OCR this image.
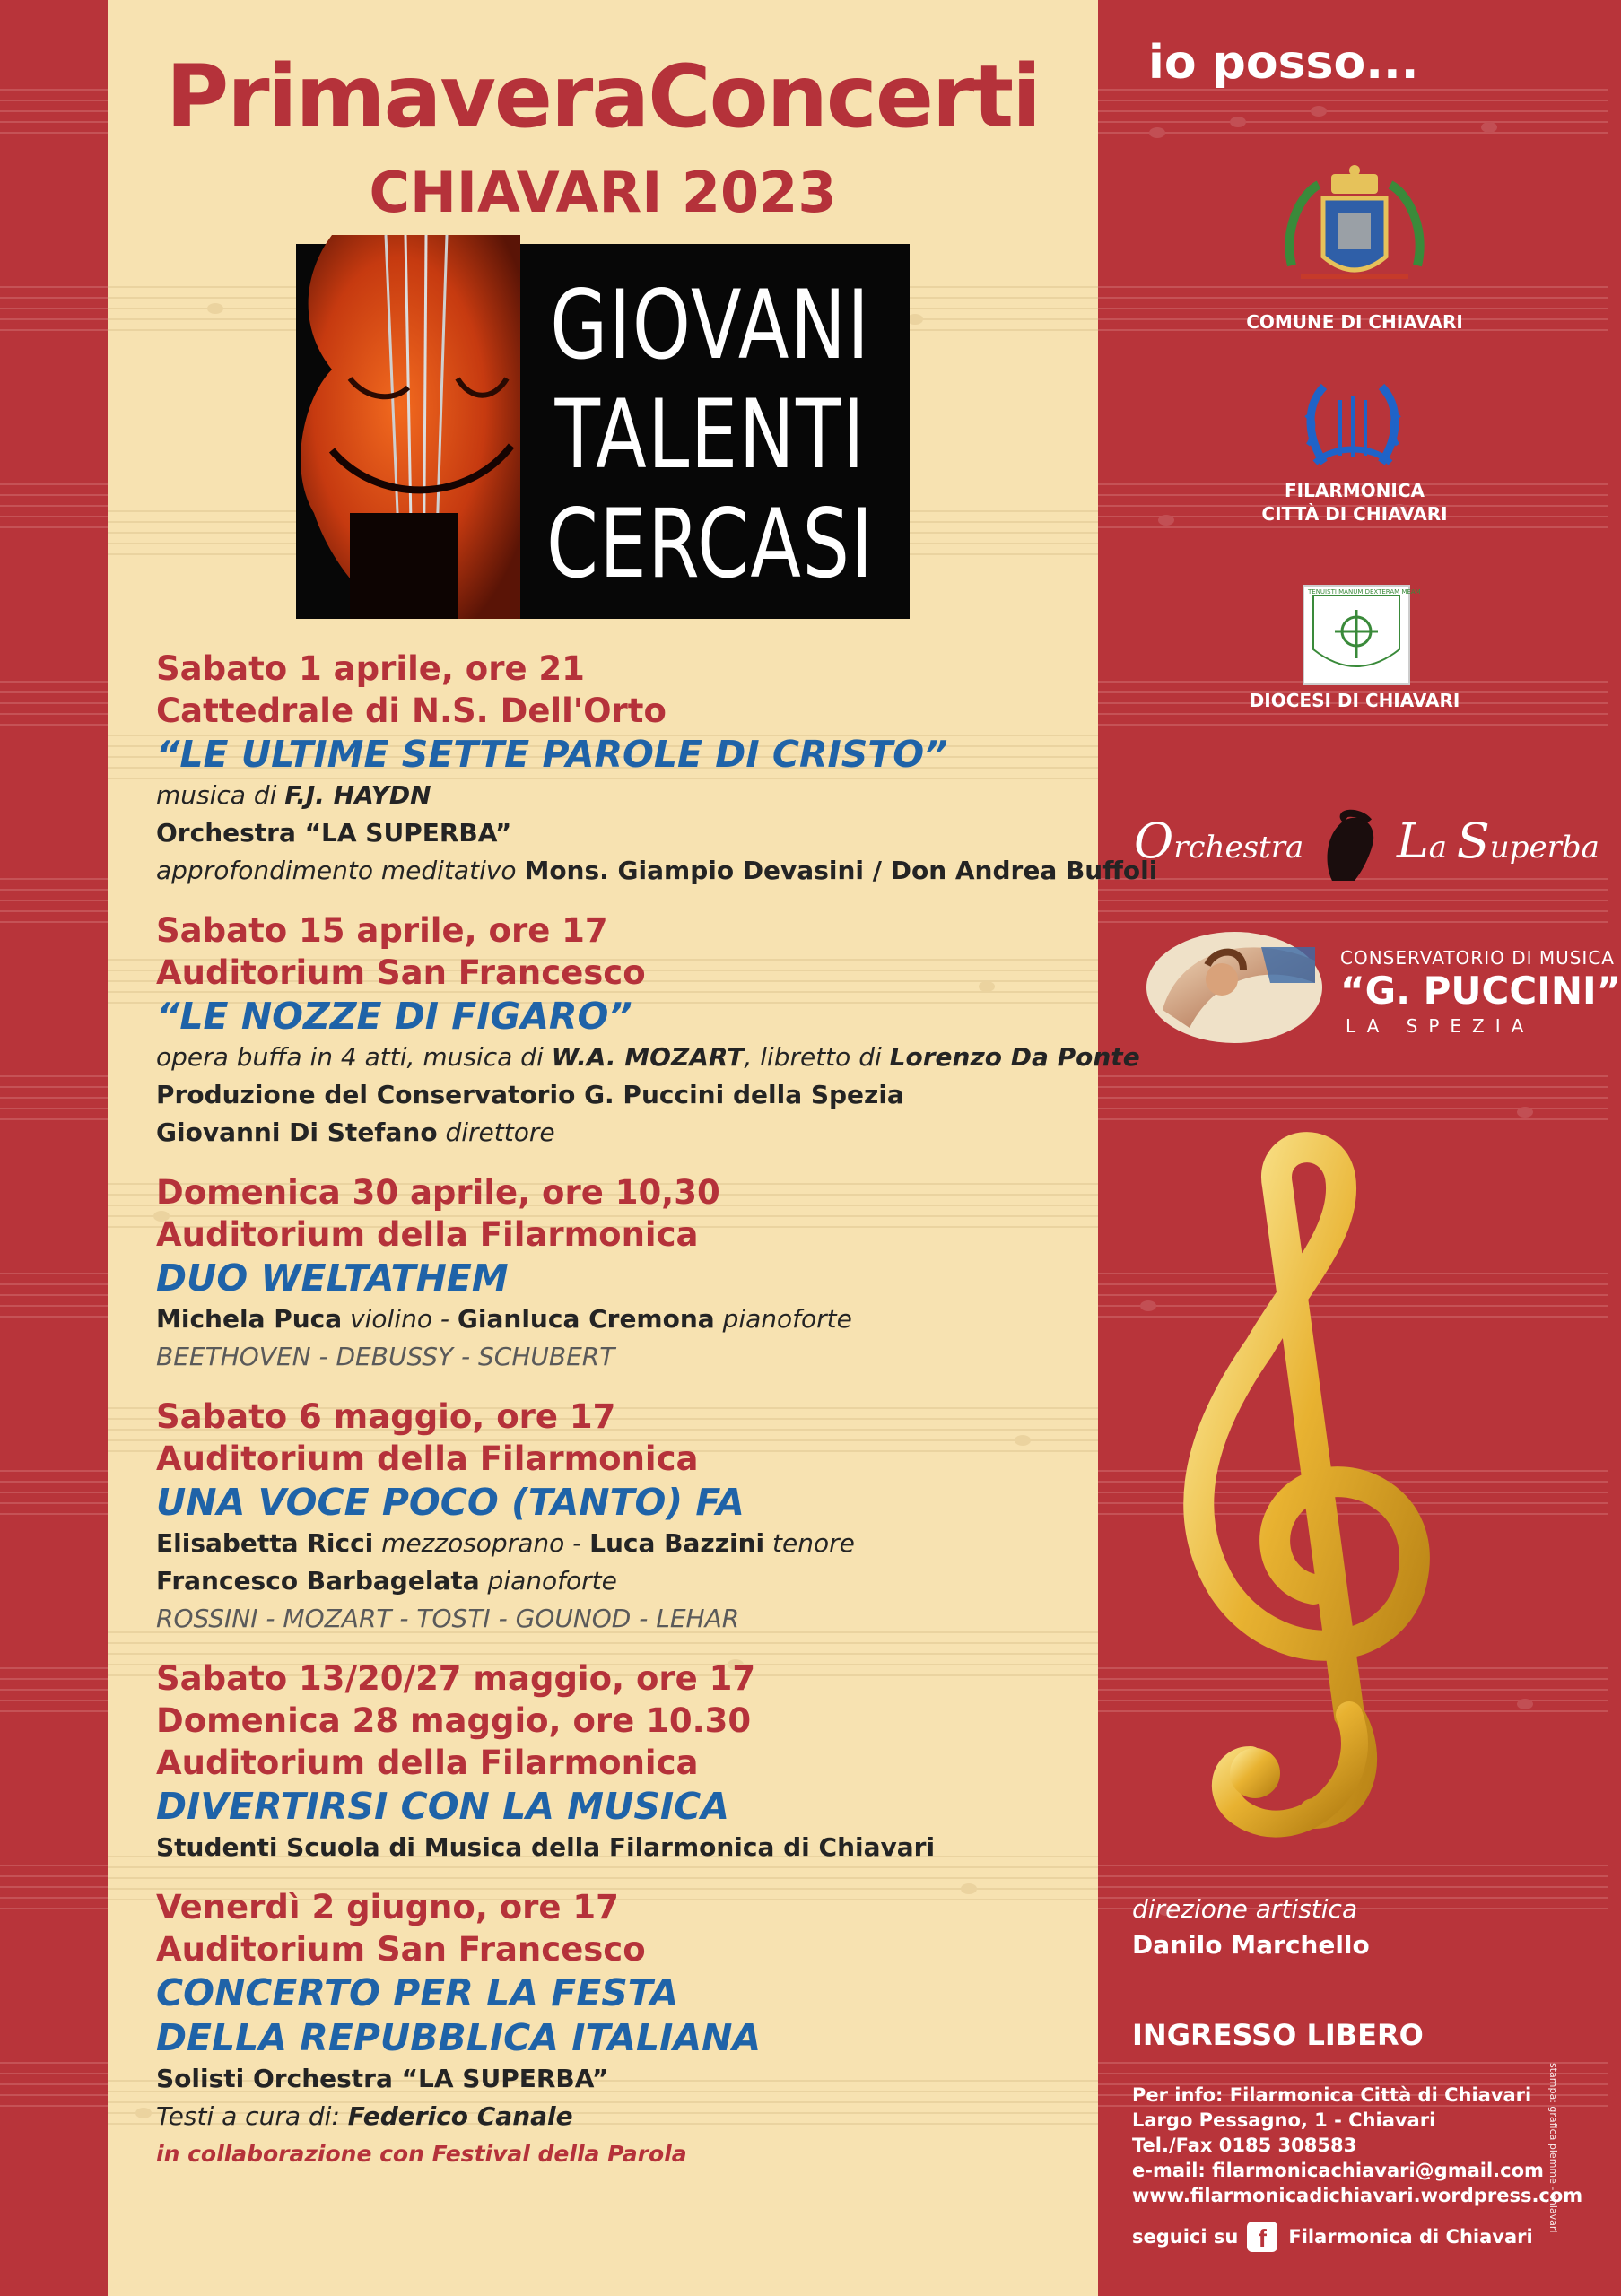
PrimaveraConcerti
CHIAVARI 2023
GIOVANI
TALENTI
CERCASI
Sabato 1 aprile, ore 21
Cattedrale di N.S. Dell'Orto
“LE ULTIME SETTE PAROLE DI CRISTO”
musica di F.J. HAYDN
Orchestra “LA SUPERBA”
approfondimento meditativo Mons. Giampio Devasini / Don Andrea Buffoli
Sabato 15 aprile, ore 17
Auditorium San Francesco
“LE NOZZE DI FIGARO”
opera buffa in 4 atti, musica di W.A. MOZART, libretto di Lorenzo Da Ponte
Produzione del Conservatorio G. Puccini della Spezia
Giovanni Di Stefano direttore
Domenica 30 aprile, ore 10,30
Auditorium della Filarmonica
DUO WELTATHEM
Michela Puca violino - Gianluca Cremona pianoforte
BEETHOVEN - DEBUSSY - SCHUBERT
Sabato 6 maggio, ore 17
Auditorium della Filarmonica
UNA VOCE POCO (TANTO) FA
Elisabetta Ricci mezzosoprano - Luca Bazzini tenore
Francesco Barbagelata pianoforte
ROSSINI - MOZART - TOSTI - GOUNOD - LEHAR
Sabato 13/20/27 maggio, ore 17
Domenica 28 maggio, ore 10.30
Auditorium della Filarmonica
DIVERTIRSI CON LA MUSICA
Studenti Scuola di Musica della Filarmonica di Chiavari
Venerdì 2 giugno, ore 17
Auditorium San Francesco
CONCERTO PER LA FESTA
DELLA REPUBBLICA ITALIANA
Solisti Orchestra “LA SUPERBA”
Testi a cura di: Federico Canale
in collaborazione con Festival della Parola
io posso...
COMUNE DI CHIAVARI
FILARMONICA
CITTÀ DI CHIAVARI
TENUISTI MANUM DEXTERAM MEAM
DIOCESI DI CHIAVARI
Orchestra La Superba
CONSERVATORIO DI MUSICA
“G. PUCCINI”
LA SPEZIA
direzione artistica
Danilo Marchello
INGRESSO LIBERO
Per info: Filarmonica Città di Chiavari
Largo Pessagno, 1 - Chiavari
Tel./Fax 0185 308583
e-mail: filarmonicachiavari@gmail.com
www.filarmonicadichiavari.wordpress.com
seguici su f	Filarmonica di Chiavari
stampa: grafica piemme - chiavari
